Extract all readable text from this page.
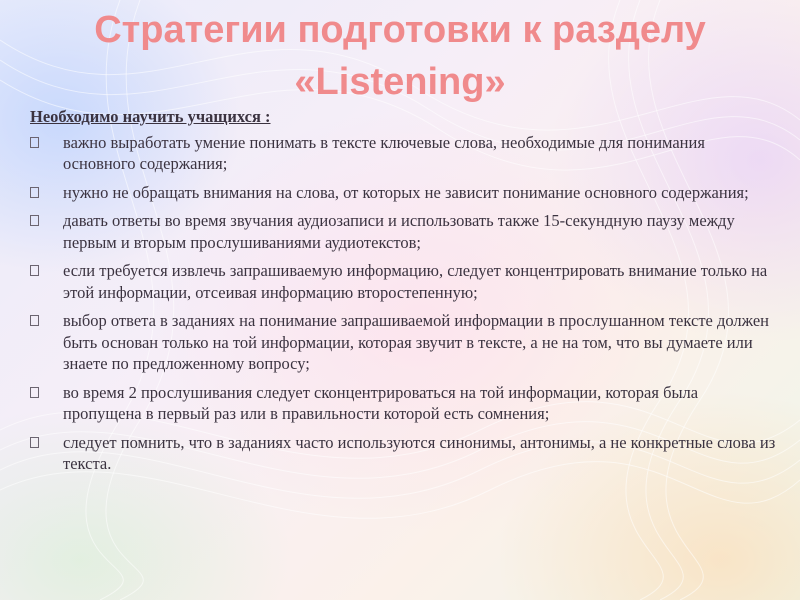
Стратегии подготовки к разделу
«Listening»
Необходимо научить учащихся :
важно выработать умение понимать в тексте ключевые слова, необходимые для понимания основного содержания;
нужно не обращать внимания на слова, от которых не зависит понимание основного содержания;
давать ответы во время звучания аудиозаписи и использовать также 15-секундную паузу между первым и вторым прослушиваниями аудиотекстов;
если требуется извлечь запрашиваемую информацию, следует концентрировать внимание только на этой информации, отсеивая информацию второстепенную;
выбор ответа в заданиях на понимание запрашиваемой информации в прослушанном тексте должен быть основан только на той информации, которая звучит в тексте, а не на том, что вы думаете или знаете по предложенному вопросу;
во время 2 прослушивания следует сконцентрироваться на той информации, которая была пропущена в первый раз или в правильности которой есть сомнения;
следует помнить, что в заданиях часто используются синонимы, антонимы, а не конкретные слова из текста.
